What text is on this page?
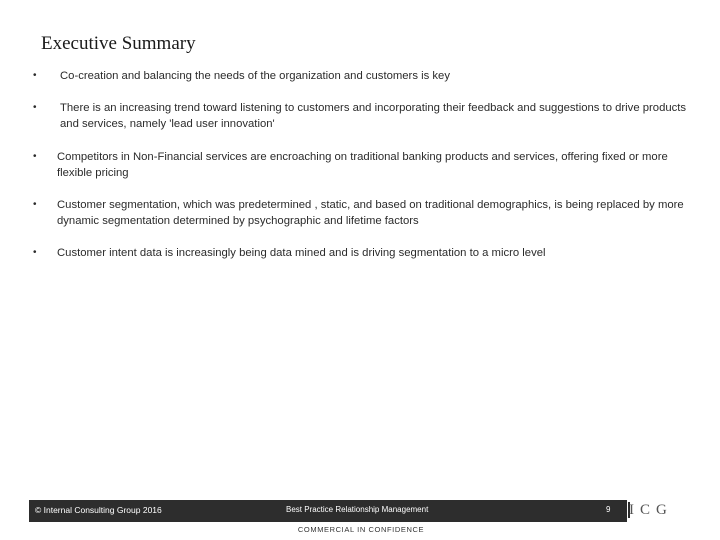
Executive Summary
• Co-creation and balancing the needs of the organization and customers is key
• There is an increasing trend toward listening to customers and incorporating their feedback and suggestions to drive products and services, namely 'lead user innovation'
• Competitors in Non-Financial services are encroaching on traditional banking products and services, offering fixed or more flexible pricing
• Customer segmentation, which was predetermined , static, and based on traditional demographics, is being replaced by more dynamic segmentation determined by psychographic and lifetime factors
• Customer intent data is increasingly being data mined and is driving segmentation to a micro level
© Internal Consulting Group 2016	Best Practice Relationship Management	9 ICG
COMMERCIAL IN CONFIDENCE
